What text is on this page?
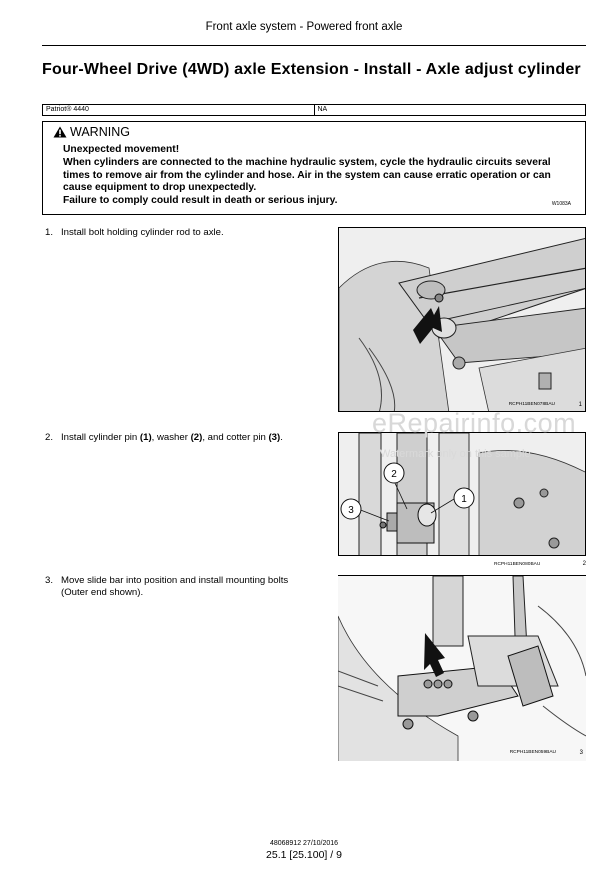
Front axle system - Powered front axle
Four-Wheel Drive (4WD) axle Extension - Install - Axle adjust cylinder
Patriot® 4440	NA
WARNING
Unexpected movement!
When cylinders are connected to the machine hydraulic system, cycle the hydraulic circuits several
times to remove air from the cylinder and hose. Air in the system can cause erratic operation or can
cause equipment to drop unexpectedly.
Failure to comply could result in death or serious injury.	W1083A
1. Install bolt holding cylinder rod to axle.
RCPH11BEN078BAU	1
2. Install cylinder pin (1), washer (2), and cotter pin (3).
1
2
3
RCPH11BEN080BAU	2
3. Move slide bar into position and install mounting bolts
(Outer end shown).
RCPH11BEN059BAU	3
eRepairinfo.com
Watermark only on this sample
48068912 27/10/2016
25.1 [25.100] / 9
